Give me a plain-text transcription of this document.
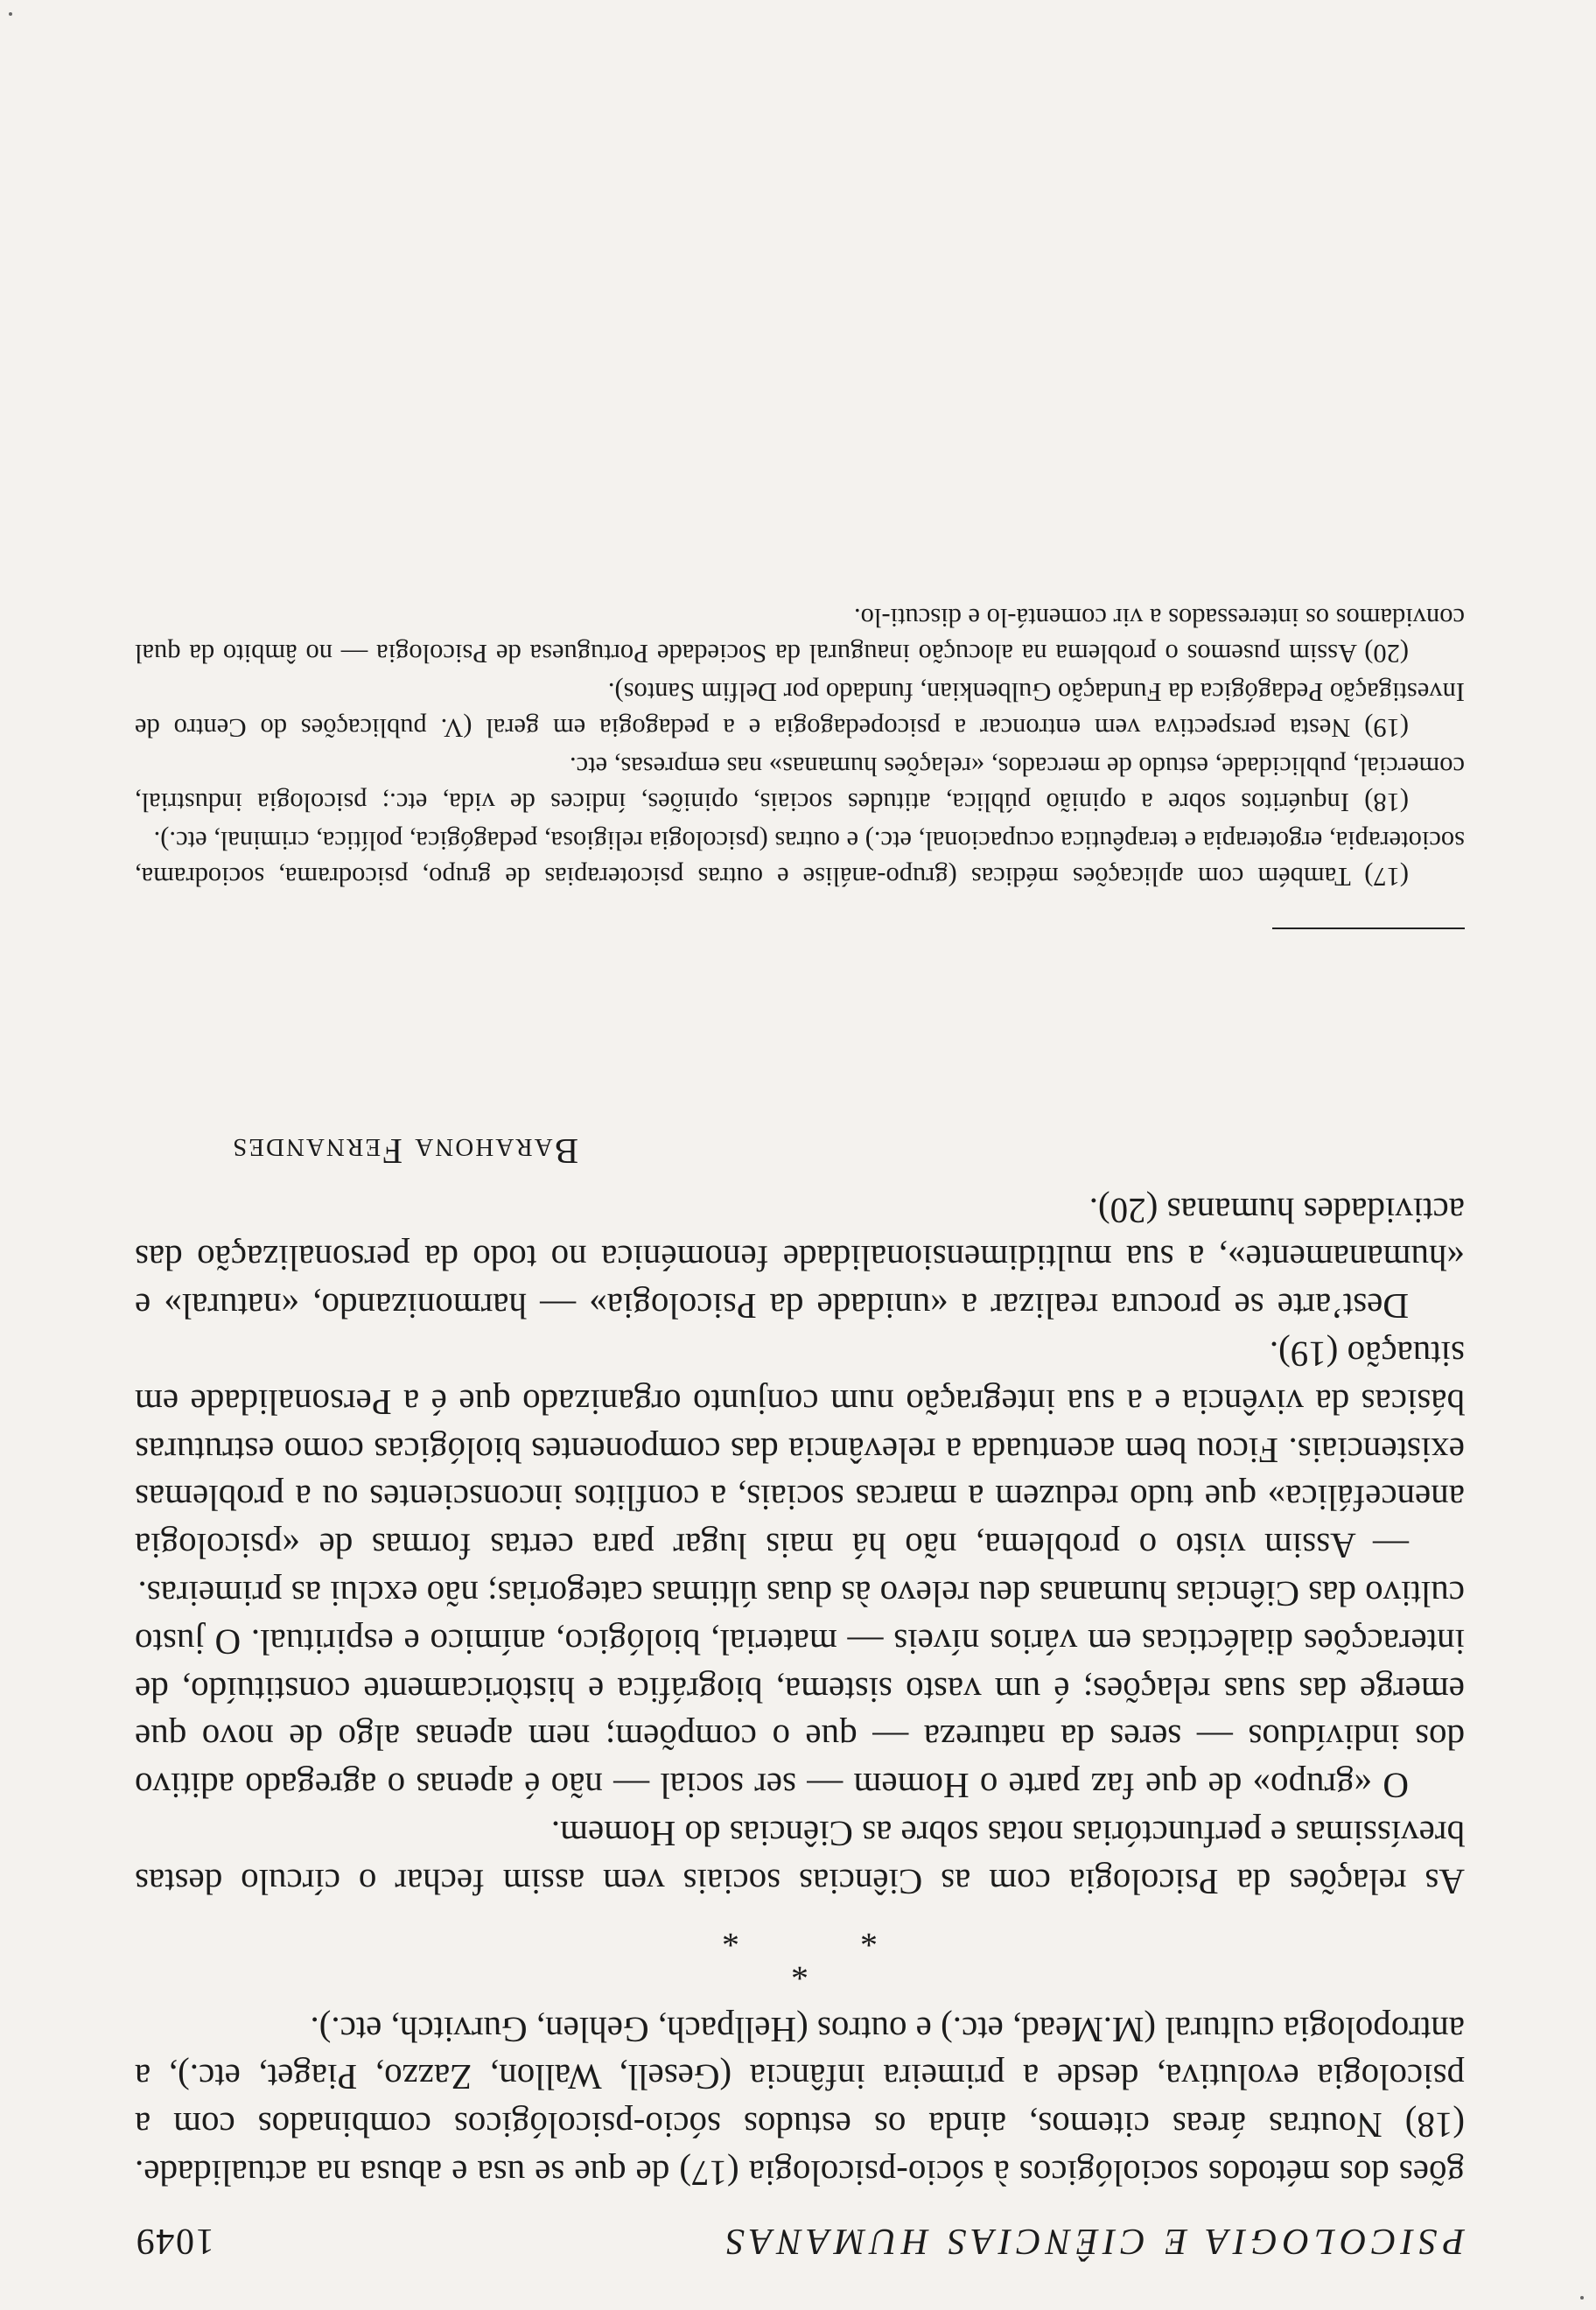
PSICOLOGIA E CIÊNCIAS HUMANAS
1049

gões dos métodos sociológicos à sócio-psicologia (17) de que se usa e abusa na actualidade. (18) Noutras áreas citemos, ainda os estudos sócio-psicológicos combinados com a psicologia evolutiva, desde a primeira infância (Gesell, Wallon, Zazzo, Piaget, etc.), a antropologia cultural (M.Mead, etc.) e outros (Hellpach, Gehlen, Gurvitch, etc.).

*
* *

As relações da Psicologia com as Ciências sociais vem assim fechar o círculo destas brevíssimas e perfunctórias notas sobre as Ciências do Homem.

O «grupo» de que faz parte o Homem — ser social — não é apenas o agregado aditivo dos indivíduos — seres da natureza — que o compõem; nem apenas algo de novo que emerge das suas relações; é um vasto sistema, biográfica e històricamente constituído, de interacções dialécticas em vários níveis — material, biológico, anímico e espiritual. O justo cultivo das Ciências humanas deu relevo às duas últimas categorias; não exclui as primeiras.

— Assim visto o problema, não há mais lugar para certas formas de «psicologia anencefálica» que tudo reduzem a marcas sociais, a conflitos inconscientes ou a problemas existenciais. Ficou bem acentuada a relevância das componentes biológicas como estruturas básicas da vivência e a sua integração num conjunto organizado que é a Personalidade em situação (19).

Dest’arte se procura realizar a «unidade da Psicologia» — harmonizando, «natural» e «humanamente», a sua multidimensionalidade fenoménica no todo da personalização das actividades humanas (20).

Barahona Fernandes

(17) Também com aplicações médicas (grupo-análise e outras psicoterapias de grupo, psicodrama, sociodrama, socioterapia, ergoterapia e terapêutica ocupacional, etc.) e outras (psicologia religiosa, pedagógica, política, criminal, etc.).

(18) Inquéritos sobre a opinião pública, atitudes sociais, opiniões, índices de vida, etc.; psicologia industrial, comercial, publicidade, estudo de mercados, «relações humanas» nas empresas, etc.

(19) Nesta perspectiva vem entroncar a psicopedagogia e a pedagogia em geral (V. publicações do Centro de Investigação Pedagógica da Fundação Gulbenkian, fundado por Delfim Santos).

(20) Assim pusemos o problema na alocução inaugural da Sociedade Portuguesa de Psicologia — no âmbito da qual convidamos os interessados a vir comentá-lo e discuti-lo.
